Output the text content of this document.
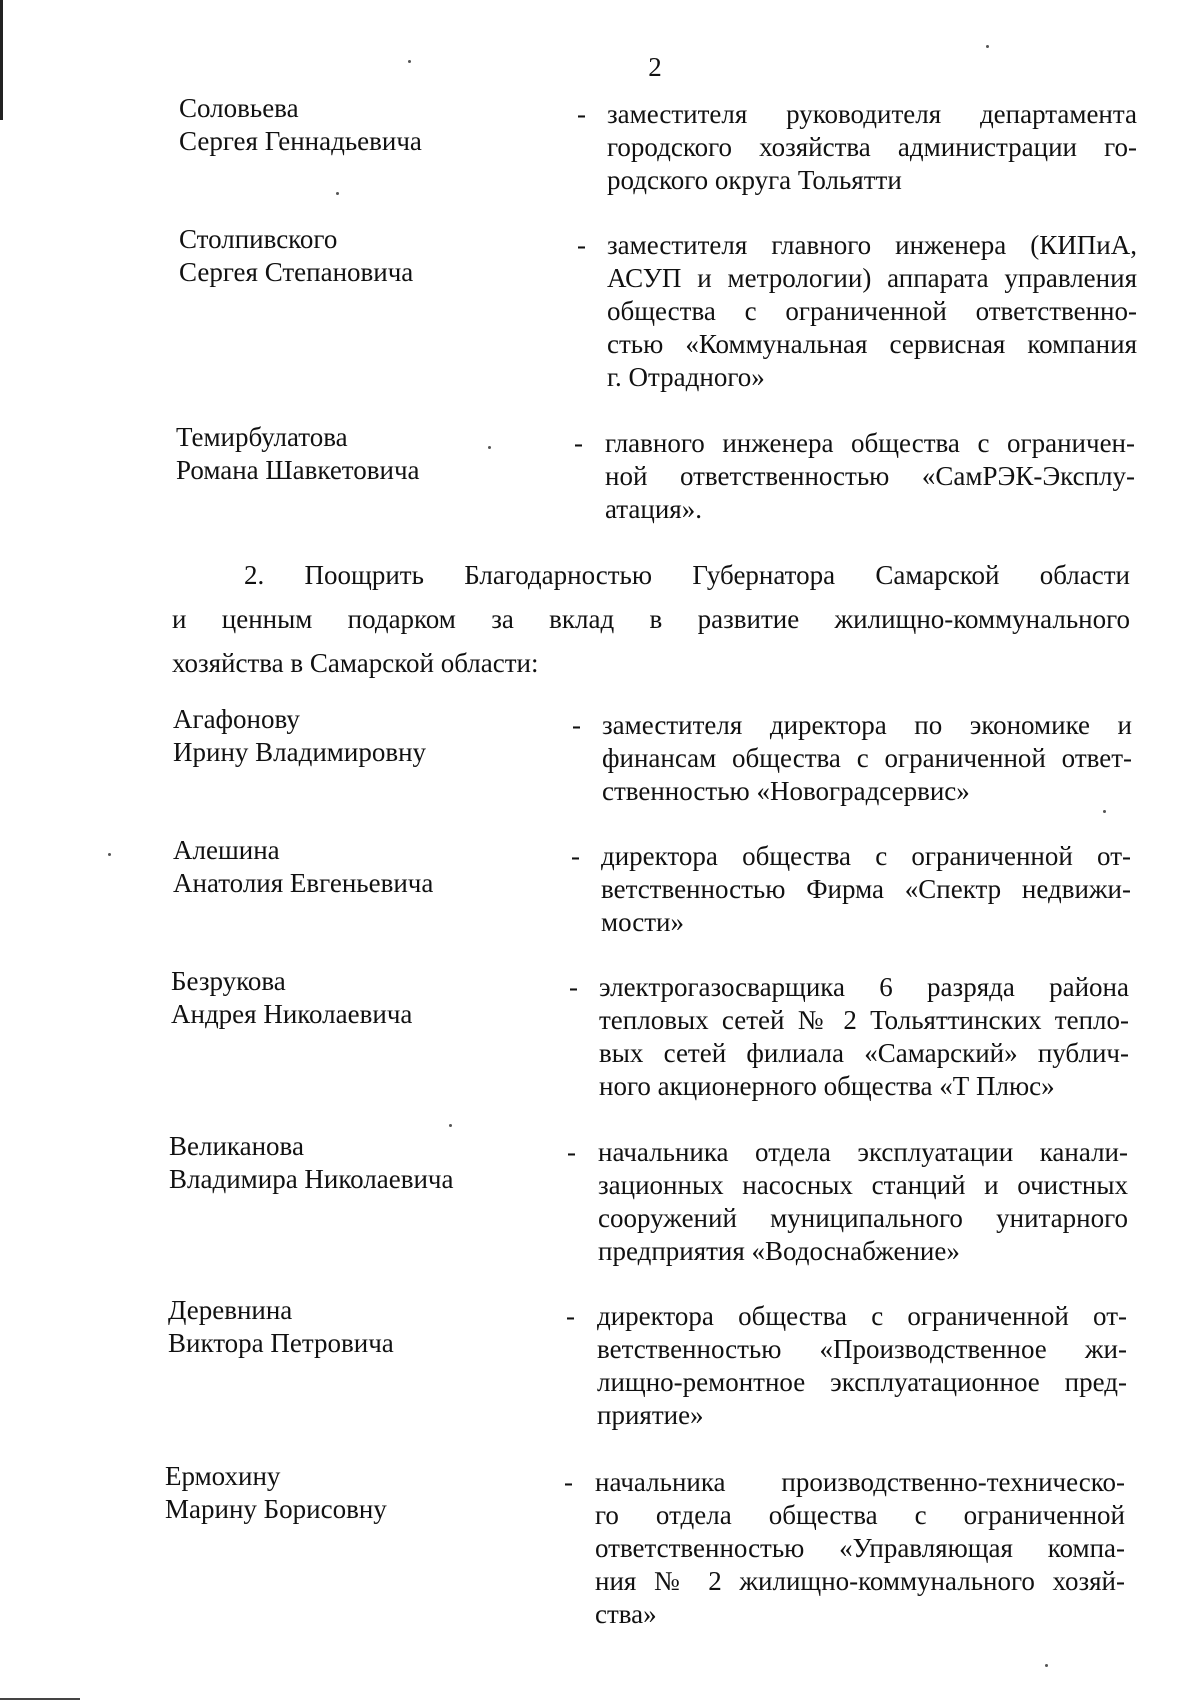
2
Соловьева
Сергея Геннадьевича
- заместителя руководителя департамента
городского хозяйства администрации го-
родского округа Тольятти
Столпивского
Сергея Степановича
- заместителя главного инженера (КИПиА,
АСУП и метрологии) аппарата управления
общества с ограниченной ответственно-
стью «Коммунальная сервисная компания
г. Отрадного»
Темирбулатова
Романа Шавкетовича
- главного инженера общества с ограничен-
ной ответственностью «СамРЭК-Эксплу-
атация».
2. Поощрить Благодарностью Губернатора Самарской области
и ценным подарком за вклад в развитие жилищно-коммунального
хозяйства в Самарской области:
Агафонову
Ирину Владимировну
- заместителя директора по экономике и
финансам общества с ограниченной ответ-
ственностью «Новоградсервис»
Алешина
Анатолия Евгеньевича
- директора общества с ограниченной от-
ветственностью Фирма «Спектр недвижи-
мости»
Безрукова
Андрея Николаевича
- электрогазосварщика 6 разряда района
тепловых сетей № 2 Тольяттинских тепло-
вых сетей филиала «Самарский» публич-
ного акционерного общества «Т Плюс»
Великанова
Владимира Николаевича
- начальника отдела эксплуатации канали-
зационных насосных станций и очистных
сооружений муниципального унитарного
предприятия «Водоснабжение»
Деревнина
Виктора Петровича
- директора общества с ограниченной от-
ветственностью «Производственное жи-
лищно-ремонтное эксплуатационное пред-
приятие»
Ермохину
Марину Борисовну
- начальника производственно-техническо-
го отдела общества с ограниченной
ответственностью «Управляющая компа-
ния № 2 жилищно-коммунального хозяй-
ства»
